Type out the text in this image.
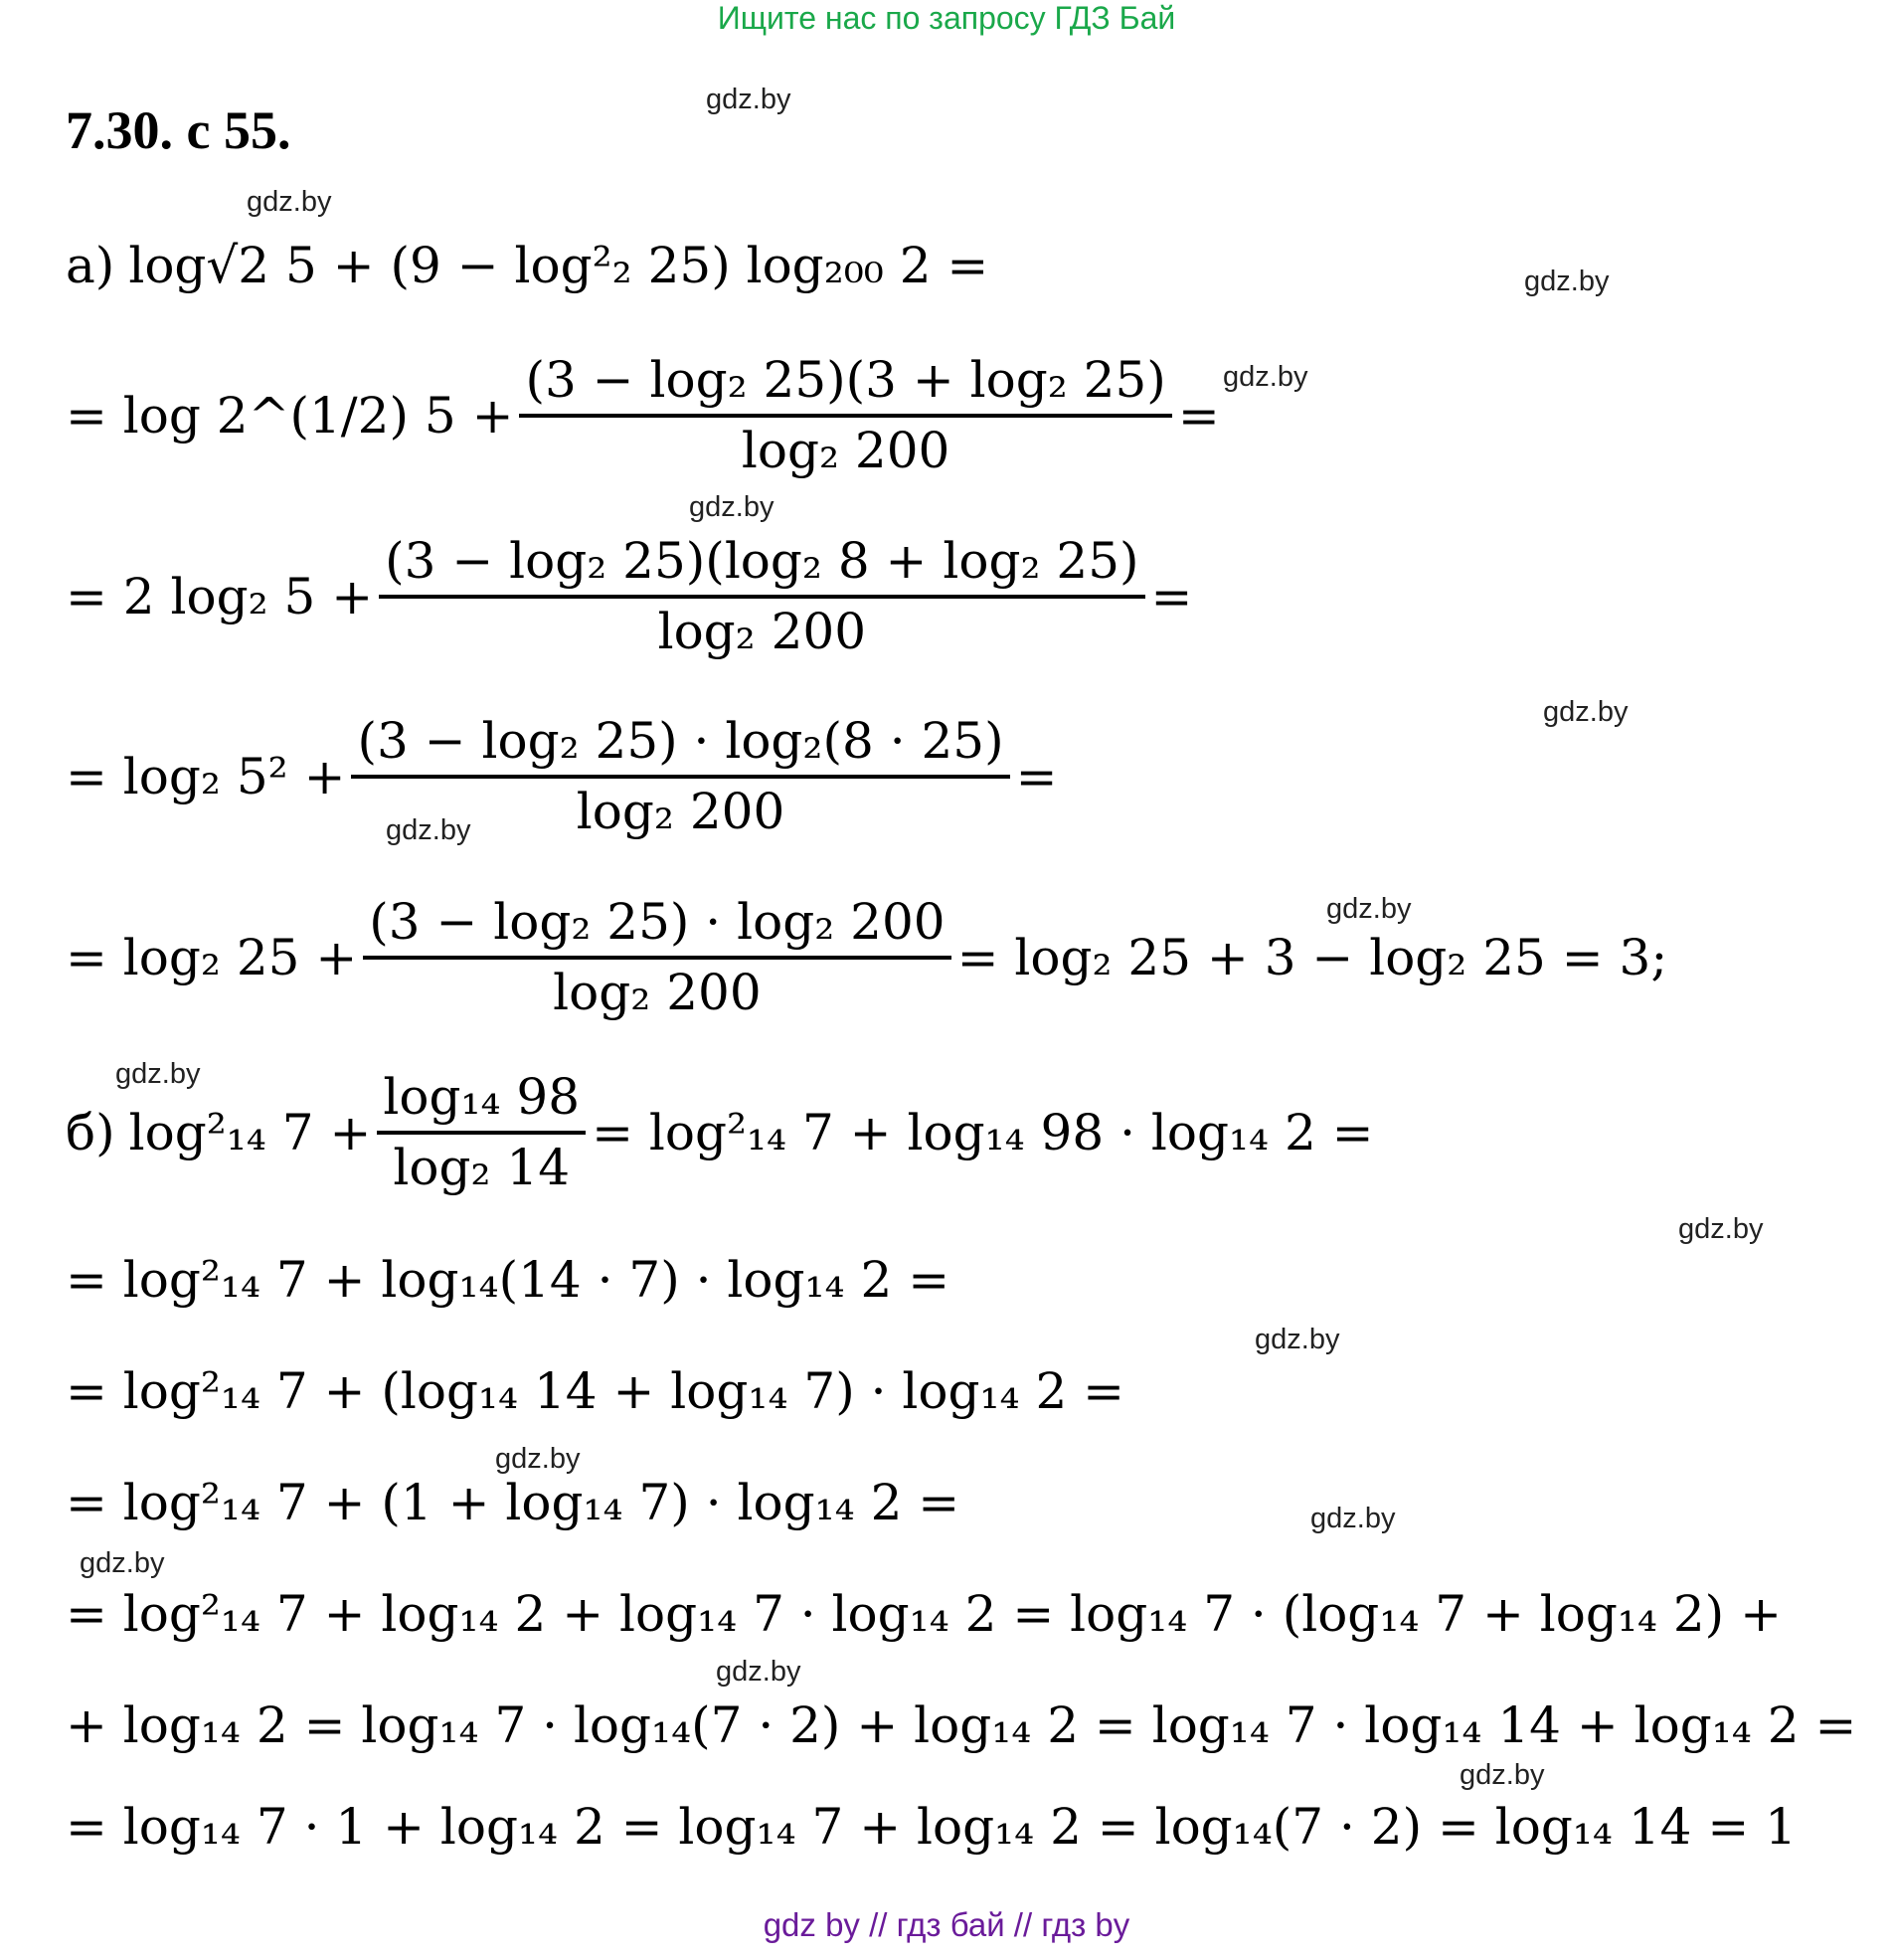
Ищите нас по запросу ГДЗ Бай
7.30. с 55.
gdz.by
gdz.by
gdz.by
gdz.by
gdz.by
gdz.by
gdz.by
gdz.by
gdz.by
gdz.by
gdz.by
gdz.by
gdz.by
gdz.by
gdz.by
gdz.by
а) log√2 5 + (9 − log²₂ 25) log₂₀₀ 2 =
= log 2^(1/2) $5 + \frac{\text{(3 − log₂ 25)(3 + log₂ 25)}}{\text{log₂ 200}}$ =
= 2 log₂ $5 + \frac{\text{(3 − log₂ 25)(log₂ 8 + log₂ 25)}}{\text{log₂ 200}}$ =
= log₂ $5^2 + \frac{\text{(3 − log₂ 25) · log₂(8 · 25)}}{\text{log₂ 200}}$ =
= log₂ $25 + \frac{\text{(3 − log₂ 25) · log₂ 200}}{\text{log₂ 200}} = \log_2$ 25 + 3 − log₂ 25 = 3;
б) log²₁₄ $7 + \frac{\text{log₁₄ 98}}{\text{log₂ 14}} = \log^2_{14}$ 7 + log₁₄ 98 · log₁₄ 2 =
= log²₁₄ 7 + log₁₄(14 · 7) · log₁₄ 2 =
= log²₁₄ 7 + (log₁₄ 14 + log₁₄ 7) · log₁₄ 2 =
= log²₁₄ 7 + (1 + log₁₄ 7) · log₁₄ 2 =
= log²₁₄ 7 + log₁₄ 2 + log₁₄ 7 · log₁₄ 2 = log₁₄ 7 · (log₁₄ 7 + log₁₄ 2) +
+ log₁₄ 2 = log₁₄ 7 · log₁₄(7 · 2) + log₁₄ 2 = log₁₄ 7 · log₁₄ 14 + log₁₄ 2 =
= log₁₄ 7 · 1 + log₁₄ 2 = log₁₄ 7 + log₁₄ 2 = log₁₄(7 · 2) = log₁₄ 14 = 1
gdz by // гдз бай // гдз by
